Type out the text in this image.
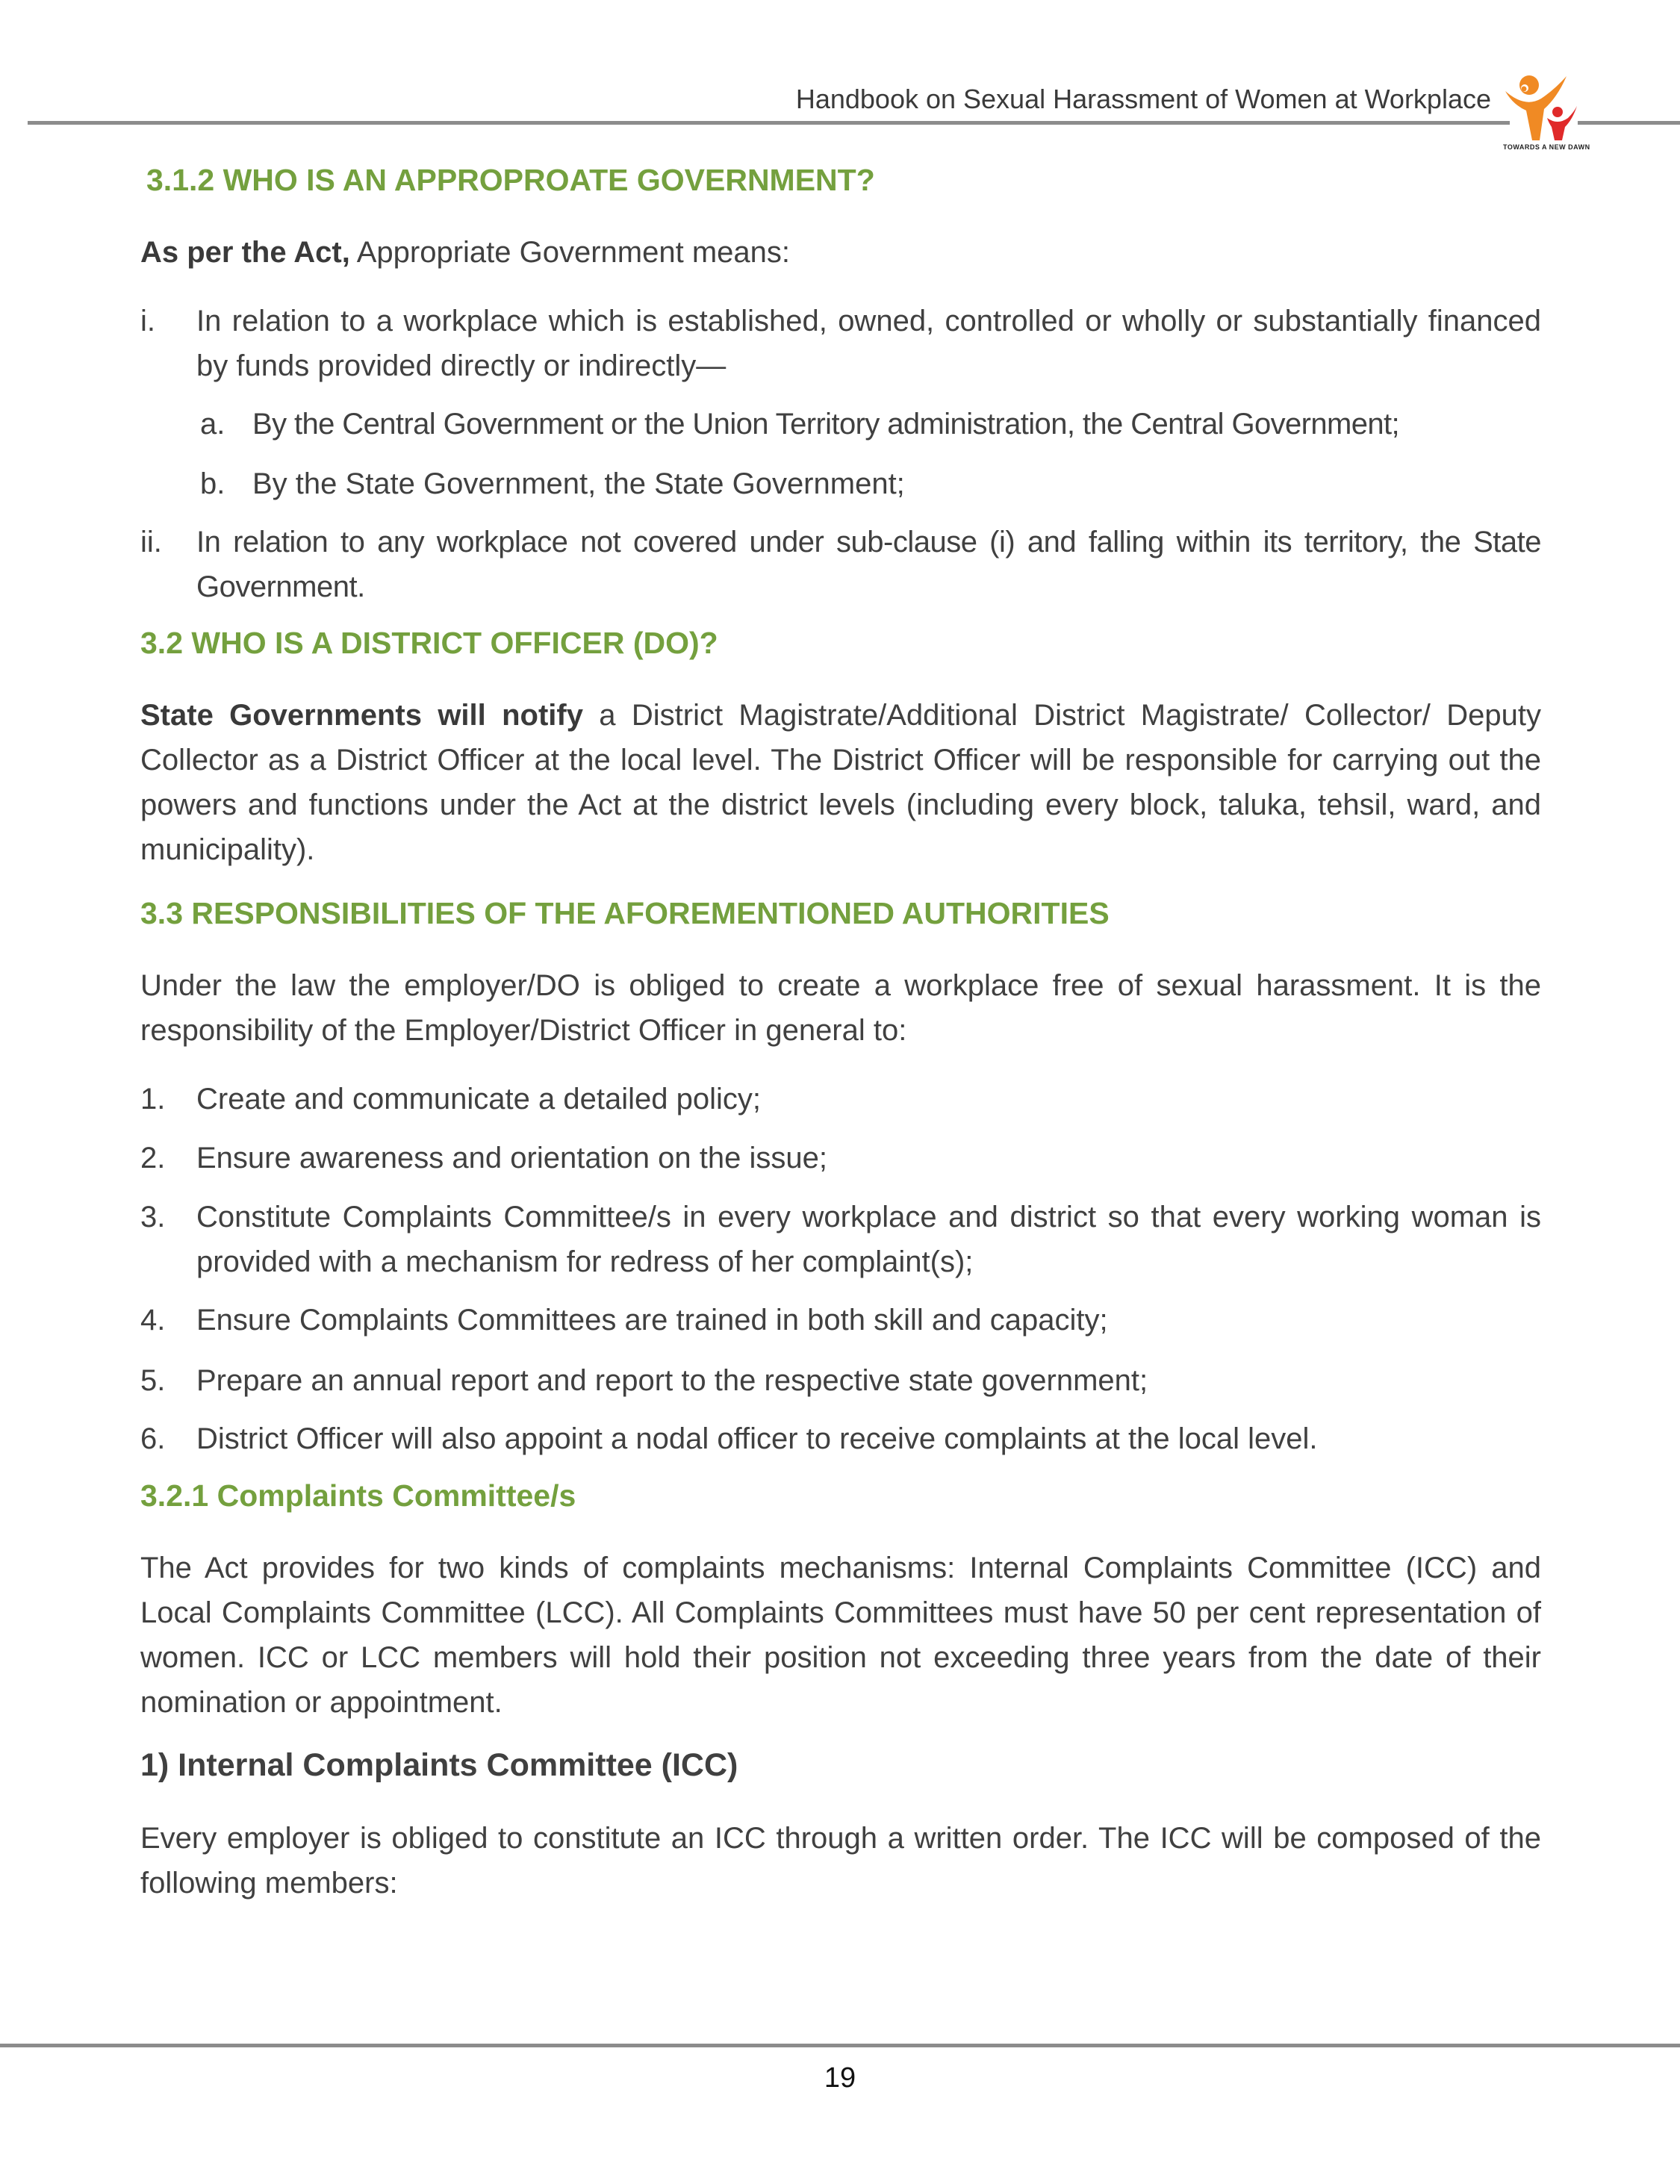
Handbook on Sexual Harassment of Women at Workplace
TOWARDS A NEW DAWN
3.1.2 WHO IS AN APPROPROATE GOVERNMENT?
As per the Act, Appropriate Government means:
i. In relation to a workplace which is established, owned, controlled or wholly or substantially financed by funds provided directly or indirectly—
a. By the Central Government or the Union Territory administration, the Central Government;
b. By the State Government, the State Government;
ii. In relation to any workplace not covered under sub-clause (i) and falling within its territory, the State Government.
3.2 WHO IS A DISTRICT OFFICER (DO)?
State Governments will notify a District Magistrate/Additional District Magistrate/ Collector/ Deputy Collector as a District Officer at the local level. The District Officer will be responsible for carrying out the powers and functions under the Act at the district levels (including every block, taluka, tehsil, ward, and municipality).
3.3 RESPONSIBILITIES OF THE AFOREMENTIONED AUTHORITIES
Under the law the employer/DO is obliged to create a workplace free of sexual harassment. It is the responsibility of the Employer/District Officer in general to:
1. Create and communicate a detailed policy;
2. Ensure awareness and orientation on the issue;
3. Constitute Complaints Committee/s in every workplace and district so that every working woman is provided with a mechanism for redress of her complaint(s);
4. Ensure Complaints Committees are trained in both skill and capacity;
5. Prepare an annual report and report to the respective state government;
6. District Officer will also appoint a nodal officer to receive complaints at the local level.
3.2.1 Complaints Committee/s
The Act provides for two kinds of complaints mechanisms: Internal Complaints Committee (ICC) and Local Complaints Committee (LCC). All Complaints Committees must have 50 per cent representation of women. ICC or LCC members will hold their position not exceeding three years from the date of their nomination or appointment.
1) Internal Complaints Committee (ICC)
Every employer is obliged to constitute an ICC through a written order. The ICC will be composed of the following members:
19
